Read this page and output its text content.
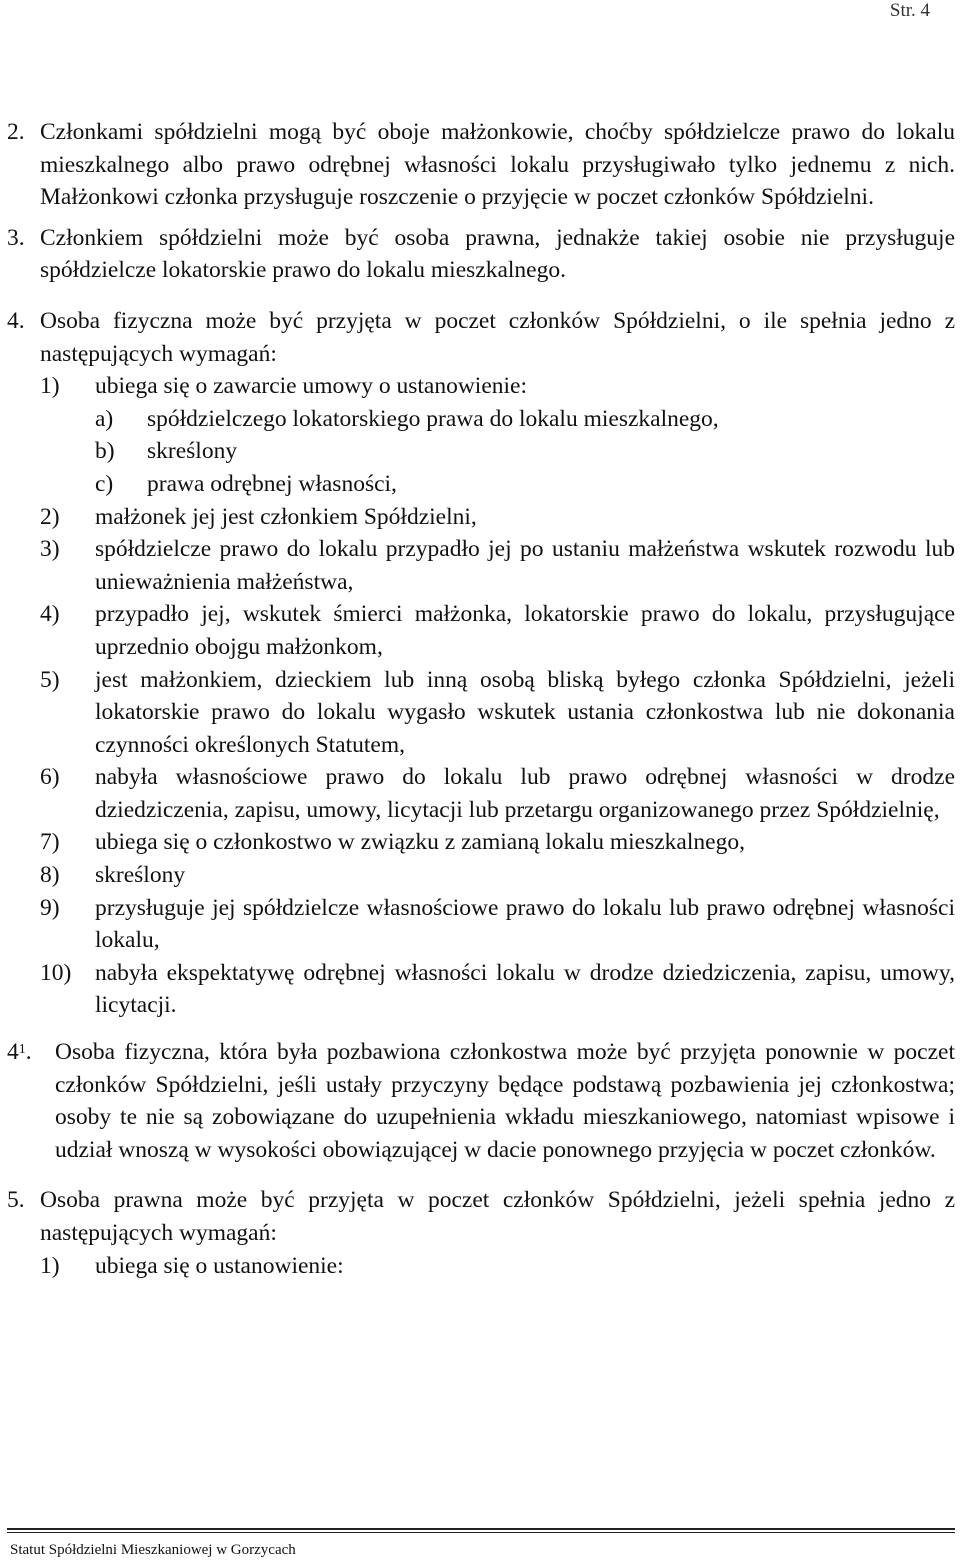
Str. 4
2. Członkami spółdzielni mogą być oboje małżonkowie, choćby spółdzielcze prawo do lokalu mieszkalnego albo prawo odrębnej własności lokalu przysługiwało tylko jednemu z nich. Małżonkowi członka przysługuje roszczenie o przyjęcie w poczet członków Spółdzielni.
3. Członkiem spółdzielni może być osoba prawna, jednakże takiej osobie nie przysługuje spółdzielcze lokatorskie prawo do lokalu mieszkalnego.
4. Osoba fizyczna może być przyjęta w poczet członków Spółdzielni, o ile spełnia jedno z następujących wymagań:
1)	ubiega się o zawarcie umowy o ustanowienie:
a)	spółdzielczego lokatorskiego prawa do lokalu mieszkalnego,
b)	skreślony
c)	prawa odrębnej własności,
2)	małżonek jej jest członkiem Spółdzielni,
3)	spółdzielcze prawo do lokalu przypadło jej po ustaniu małżeństwa wskutek rozwodu lub unieważnienia małżeństwa,
4)	przypadło jej, wskutek śmierci małżonka, lokatorskie prawo do lokalu, przysługujące uprzednio obojgu małżonkom,
5)	jest małżonkiem, dzieckiem lub inną osobą bliską byłego członka Spółdzielni, jeżeli lokatorskie prawo do lokalu wygasło wskutek ustania członkostwa lub nie dokonania czynności określonych Statutem,
6)	nabyła własnościowe prawo do lokalu lub prawo odrębnej własności w drodze dziedziczenia, zapisu, umowy, licytacji lub przetargu organizowanego przez Spółdzielnię,
7)	ubiega się o członkostwo w związku z zamianą lokalu mieszkalnego,
8)	skreślony
9)	przysługuje jej spółdzielcze własnościowe prawo do lokalu lub prawo odrębnej własności lokalu,
10)	nabyła ekspektatywę odrębnej własności lokalu w drodze dziedziczenia, zapisu, umowy, licytacji.
$4^1$. Osoba fizyczna, która była pozbawiona członkostwa może być przyjęta ponownie w poczet członków Spółdzielni, jeśli ustały przyczyny będące podstawą pozbawienia jej członkostwa; osoby te nie są zobowiązane do uzupełnienia wkładu mieszkaniowego, natomiast wpisowe i udział wnoszą w wysokości obowiązującej w dacie ponownego przyjęcia w poczet członków.
5. Osoba prawna może być przyjęta w poczet członków Spółdzielni, jeżeli spełnia jedno z następujących wymagań:
1)	ubiega się o ustanowienie:
Statut Spółdzielni Mieszkaniowej w Gorzycach
